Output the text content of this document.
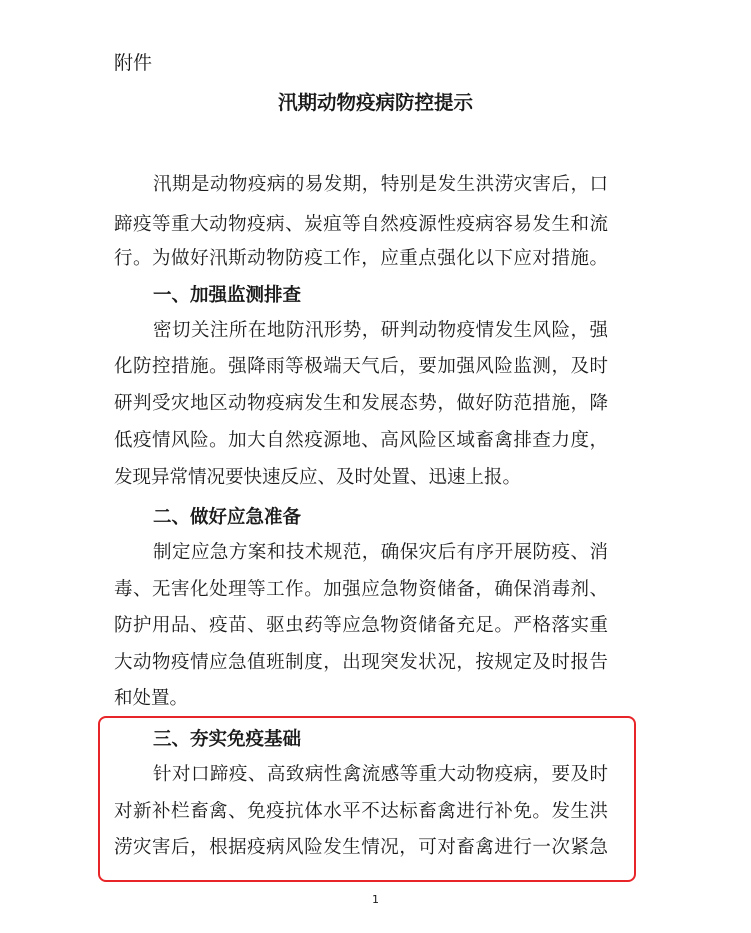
附件
汛期动物疫病防控提示
汛期是动物疫病的易发期，特别是发生洪涝灾害后，口
蹄疫等重大动物疫病、炭疽等自然疫源性疫病容易发生和流
行。为做好汛斯动物防疫工作，应重点强化以下应对措施。
一、加强监测排查
密切关注所在地防汛形势，研判动物疫情发生风险，强
化防控措施。强降雨等极端天气后，要加强风险监测，及时
研判受灾地区动物疫病发生和发展态势，做好防范措施，降
低疫情风险。加大自然疫源地、高风险区域畜禽排查力度，
发现异常情况要快速反应、及时处置、迅速上报。
二、做好应急准备
制定应急方案和技术规范，确保灾后有序开展防疫、消
毒、无害化处理等工作。加强应急物资储备，确保消毒剂、
防护用品、疫苗、驱虫药等应急物资储备充足。严格落实重
大动物疫情应急值班制度，出现突发状况，按规定及时报告
和处置。
三、夯实免疫基础
针对口蹄疫、高致病性禽流感等重大动物疫病，要及时
对新补栏畜禽、免疫抗体水平不达标畜禽进行补免。发生洪
涝灾害后，根据疫病风险发生情况，可对畜禽进行一次紧急
1
